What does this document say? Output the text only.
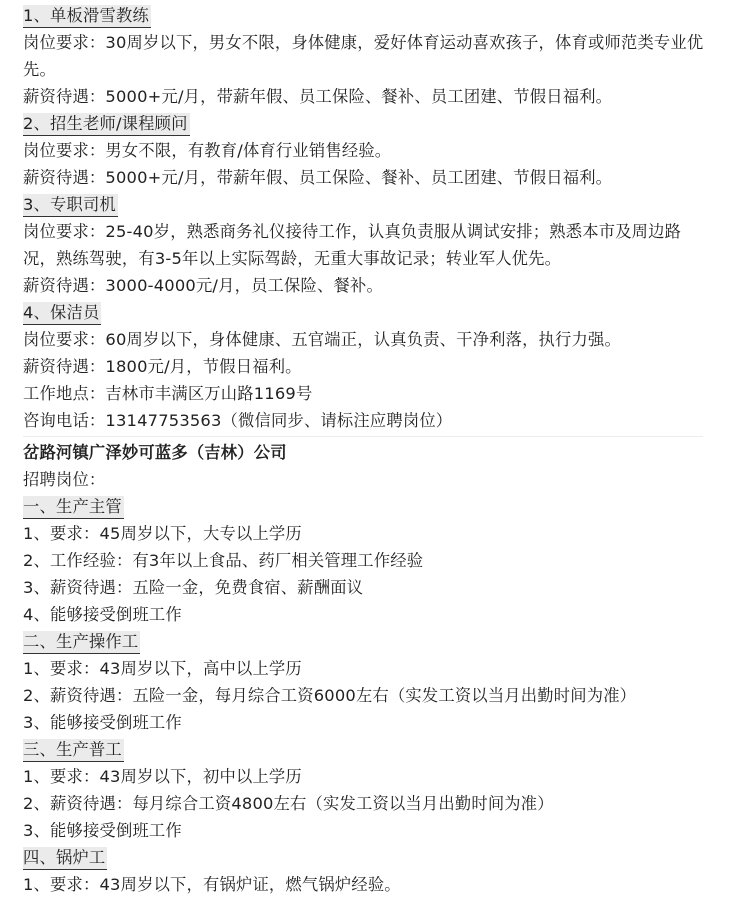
1、单板滑雪教练
岗位要求：30周岁以下，男女不限，身体健康，爱好体育运动喜欢孩子，体育或师范类专业优先。
薪资待遇：5000+元/月，带薪年假、员工保险、餐补、员工团建、节假日福利。
2、招生老师/课程顾问
岗位要求：男女不限，有教育/体育行业销售经验。
薪资待遇：5000+元/月，带薪年假、员工保险、餐补、员工团建、节假日福利。
3、专职司机
岗位要求：25-40岁，熟悉商务礼仪接待工作，认真负责服从调试安排；熟悉本市及周边路况，熟练驾驶，有3-5年以上实际驾龄，无重大事故记录；转业军人优先。
薪资待遇：3000-4000元/月，员工保险、餐补。
4、保洁员
岗位要求：60周岁以下，身体健康、五官端正，认真负责、干净利落，执行力强。
薪资待遇：1800元/月，节假日福利。
工作地点：吉林市丰满区万山路1169号
咨询电话：13147753563（微信同步、请标注应聘岗位）
岔路河镇广泽妙可蓝多（吉林）公司
招聘岗位：
一、生产主管
1、要求：45周岁以下，大专以上学历
2、工作经验：有3年以上食品、药厂相关管理工作经验
3、薪资待遇：五险一金，免费食宿、薪酬面议
4、能够接受倒班工作
二、生产操作工
1、要求：43周岁以下，高中以上学历
2、薪资待遇：五险一金，每月综合工资6000左右（实发工资以当月出勤时间为准）
3、能够接受倒班工作
三、生产普工
1、要求：43周岁以下，初中以上学历
2、薪资待遇：每月综合工资4800左右（实发工资以当月出勤时间为准）
3、能够接受倒班工作
四、锅炉工
1、要求：43周岁以下，有锅炉证，燃气锅炉经验。
